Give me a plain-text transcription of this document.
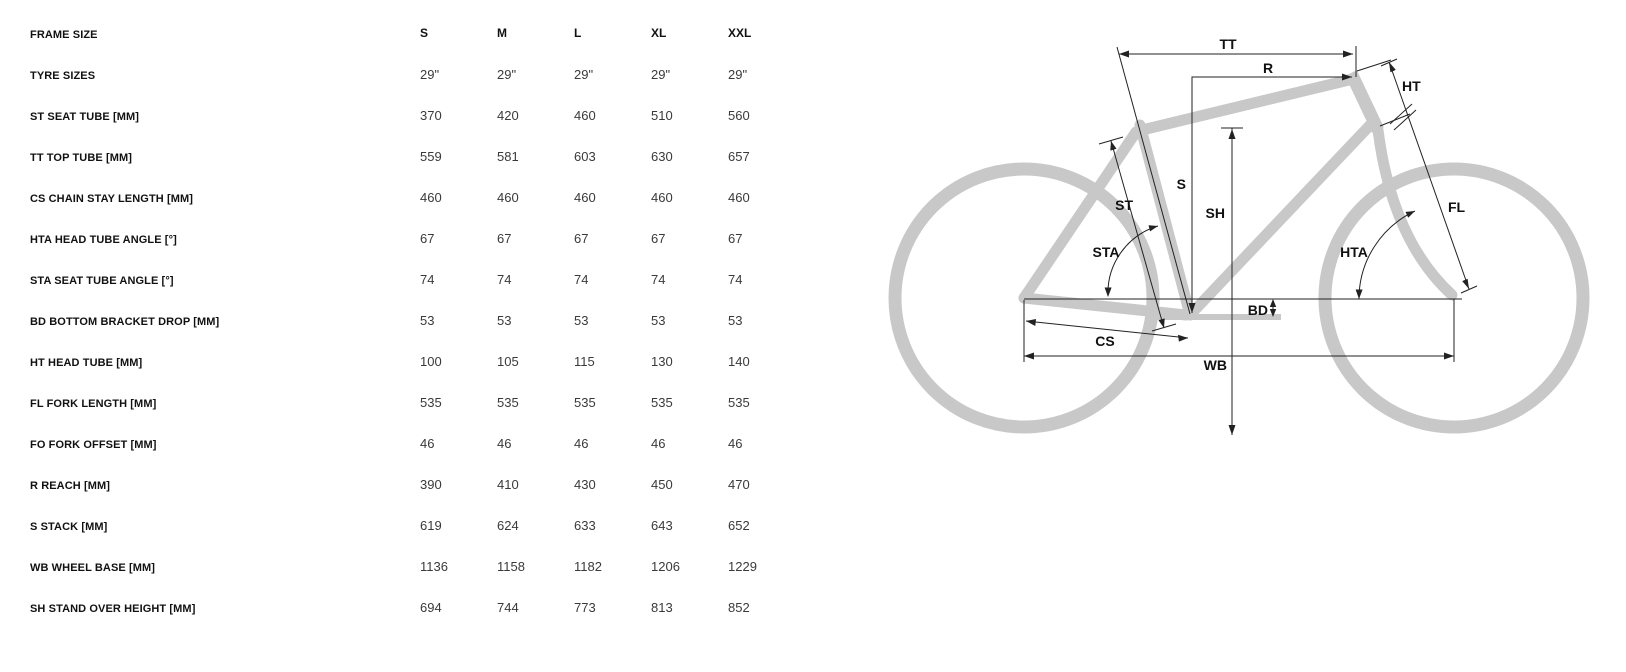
FRAME SIZE	S	M	L	XL	XXL
TYRE SIZES	29"	29"	29"	29"	29"
ST SEAT TUBE [MM]	370	420	460	510	560
TT TOP TUBE [MM]	559	581	603	630	657
CS CHAIN STAY LENGTH [MM]	460	460	460	460	460
HTA HEAD TUBE ANGLE [°]	67	67	67	67	67
STA SEAT TUBE ANGLE [°]	74	74	74	74	74
BD BOTTOM BRACKET DROP [MM]	53	53	53	53	53
HT HEAD TUBE [MM]	100	105	115	130	140
FL FORK LENGTH [MM]	535	535	535	535	535
FO FORK OFFSET [MM]	46	46	46	46	46
R REACH [MM]	390	410	430	450	470
S STACK [MM]	619	624	633	643	652
WB WHEEL BASE [MM]	1136	1158	1182	1206	1229
SH STAND OVER HEIGHT [MM]	694	744	773	813	852
TT
R
HT
FL
S
SH
ST
STA	HTA
BD
CS
WB
